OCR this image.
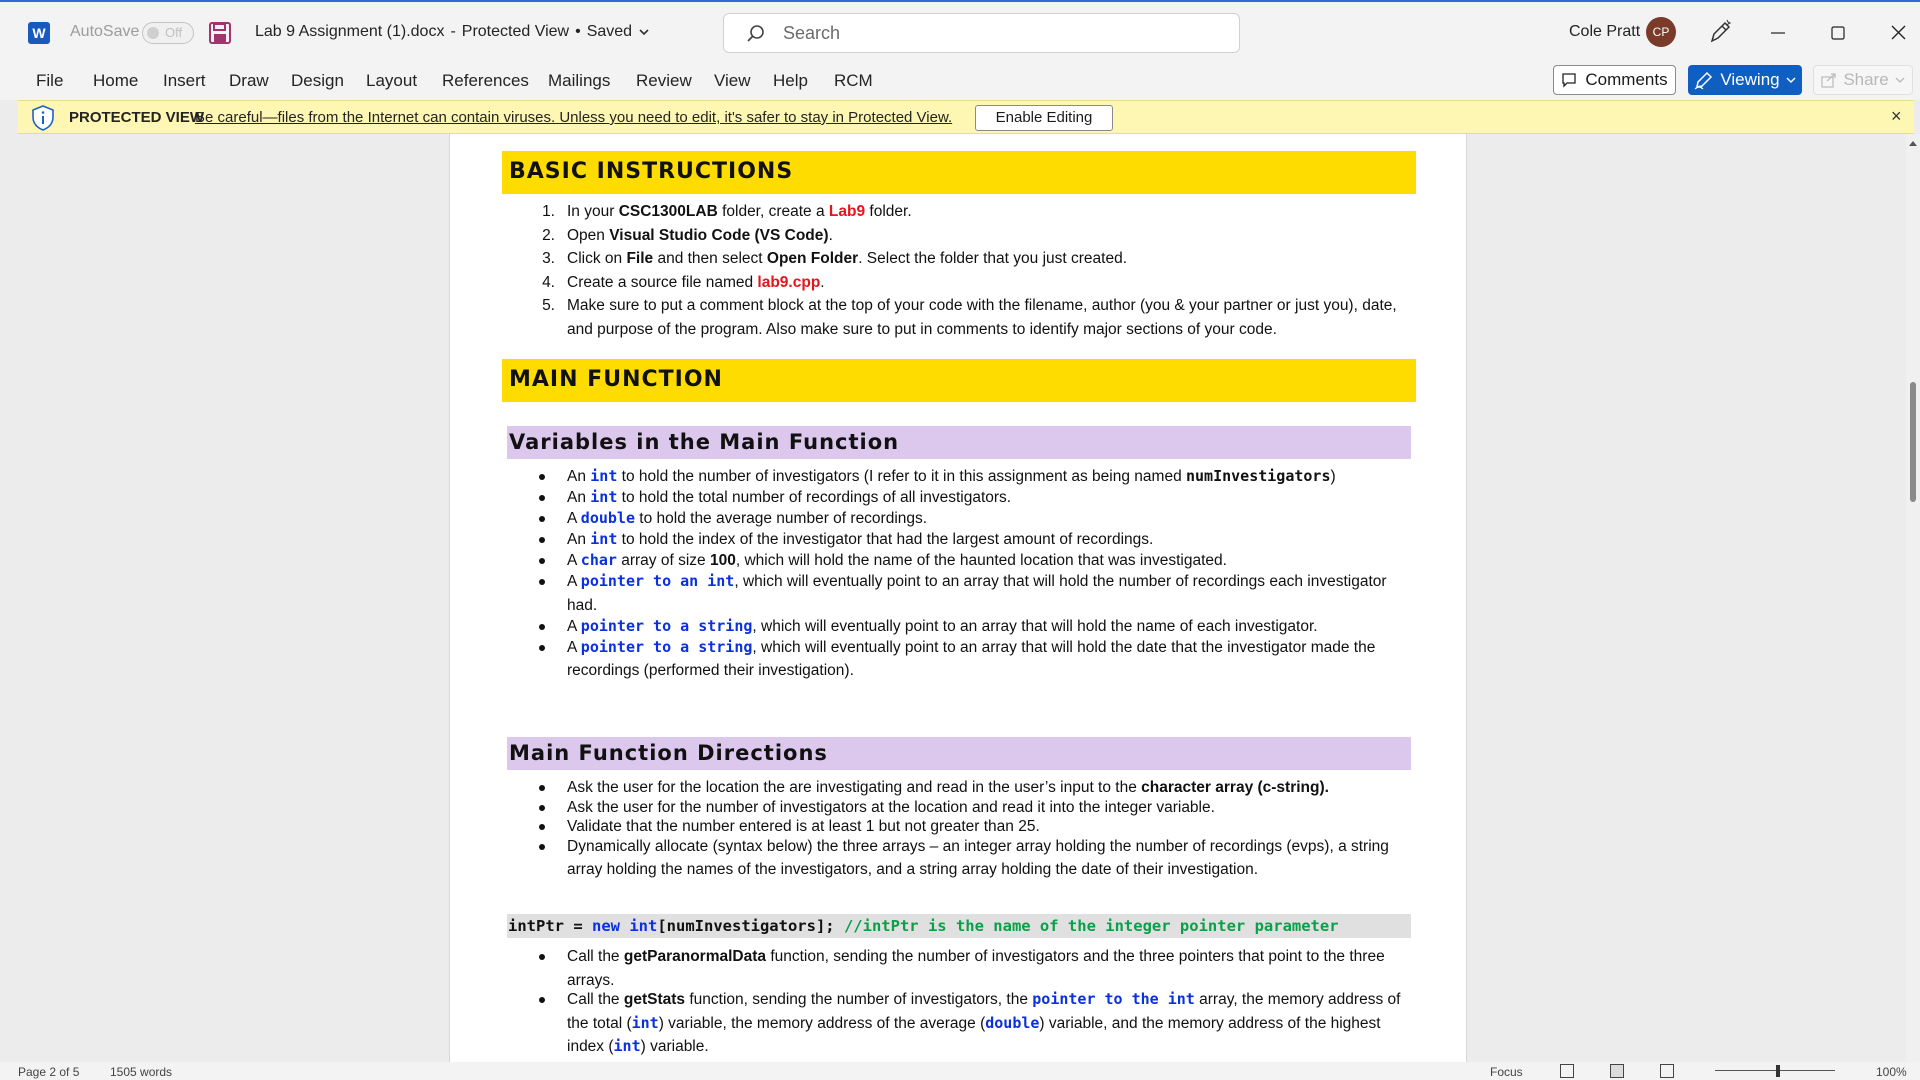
W AutoSave Off	Lab 9 Assignment (1).docx - Protected View • Saved	Search	Cole Pratt	CP
File Home Insert Draw Design Layout References Mailings Review View Help RCM	Comments	Viewing	Share
PROTECTED VIEW
Be careful—files from the Internet can contain viruses. Unless you need to edit, it's safer to stay in Protected View.	Enable Editing	×
BASIC INSTRUCTIONS
1. In your CSC1300LAB folder, create a Lab9 folder.
2. Open Visual Studio Code (VS Code).
3. Click on File and then select Open Folder. Select the folder that you just created.
4. Create a source file named lab9.cpp.
5. Make sure to put a comment block at the top of your code with the filename, author (you & your partner or just you), date, and purpose of the program. Also make sure to put in comments to identify major sections of your code.
MAIN FUNCTION
Variables in the Main Function
An int to hold the number of investigators (I refer to it in this assignment as being named numInvestigators)
An int to hold the total number of recordings of all investigators.
A double to hold the average number of recordings.
An int to hold the index of the investigator that had the largest amount of recordings.
A char array of size 100, which will hold the name of the haunted location that was investigated.
A pointer to an int, which will eventually point to an array that will hold the number of recordings each investigator had.
A pointer to a string, which will eventually point to an array that will hold the name of each investigator.
A pointer to a string, which will eventually point to an array that will hold the date that the investigator made the recordings (performed their investigation).
Main Function Directions
Ask the user for the location the are investigating and read in the user’s input to the character array (c-string).
Ask the user for the number of investigators at the location and read it into the integer variable.
Validate that the number entered is at least 1 but not greater than 25.
Dynamically allocate (syntax below) the three arrays – an integer array holding the number of recordings (evps), a string array holding the names of the investigators, and a string array holding the date of their investigation.
intPtr = new int[numInvestigators]; //intPtr is the name of the integer pointer parameter
Call the getParanormalData function, sending the number of investigators and the three pointers that point to the three arrays.
Call the getStats function, sending the number of investigators, the pointer to the int array, the memory address of the total (int) variable, the memory address of the average (double) variable, and the memory address of the highest index (int) variable.
Page 2 of 5	1505 words	Focus	100%
